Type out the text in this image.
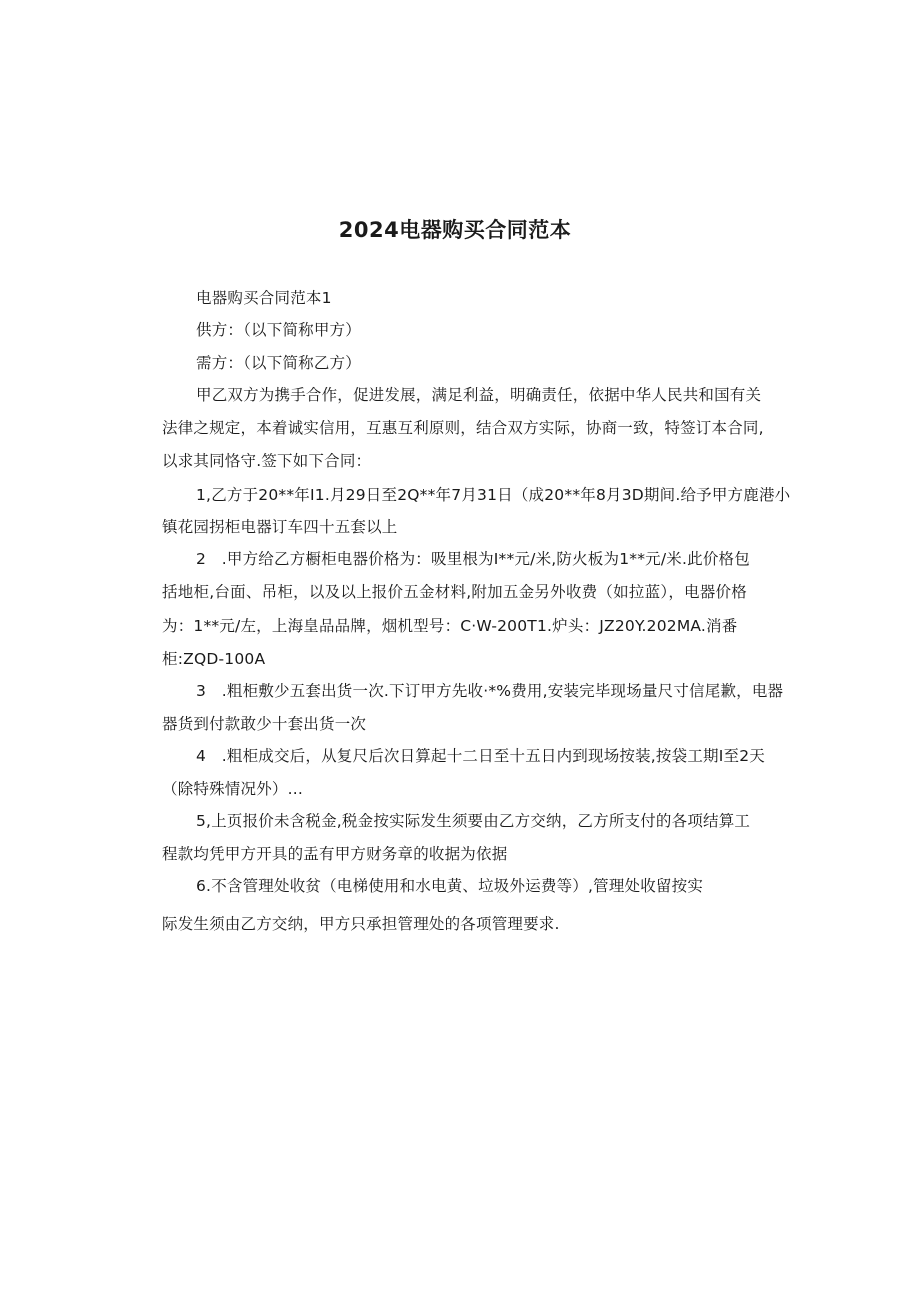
2024电器购买合同范本
电器购买合同范本1
供方：（以下简称甲方）
需方：（以下简称乙方）
甲乙双方为携手合作，促进发展，满足利益，明确责任，依据中华人民共和国有关
法律之规定，本着诚实信用，互惠互利原则，结合双方实际，协商一致，特签订本合同,
以求其同恪守.签下如下合同：
1,乙方于20**年I1.月29日至2Q**年7月31日（成20**年8月3D期间.给予甲方鹿港小
镇花园拐柜电器订车四十五套以上
2　.甲方给乙方橱柜电器价格为：吸里根为I**元/米,防火板为1**元/米.此价格包
括地柜,台面、吊柜，以及以上报价五金材料,附加五金另外收费（如拉蓝），电器价格
为：1**元/左，上海皇品品牌，烟机型号：C·W-200T1.炉头：JZ20Y.202MA.消番
柜:ZQD-100A
3　.粗柜敷少五套出货一次.下订甲方先收·*%费用,安装完毕现场量尺寸信尾歉，电器
器货到付款敢少十套出货一次
4　.粗柜成交后，从复尺后次日算起十二日至十五日内到现场按装,按袋工期I至2天
（除特殊情况外）...
5,上页报价未含税金,税金按实际发生须要由乙方交纳，乙方所支付的各项结算工
程款均凭甲方开具的盂有甲方财务章的收据为依据
6.不含管理处收贫（电梯使用和水电黄、垃圾外运费等）,管理处收留按实
际发生须由乙方交纳，甲方只承担管理处的各项管理要求.
